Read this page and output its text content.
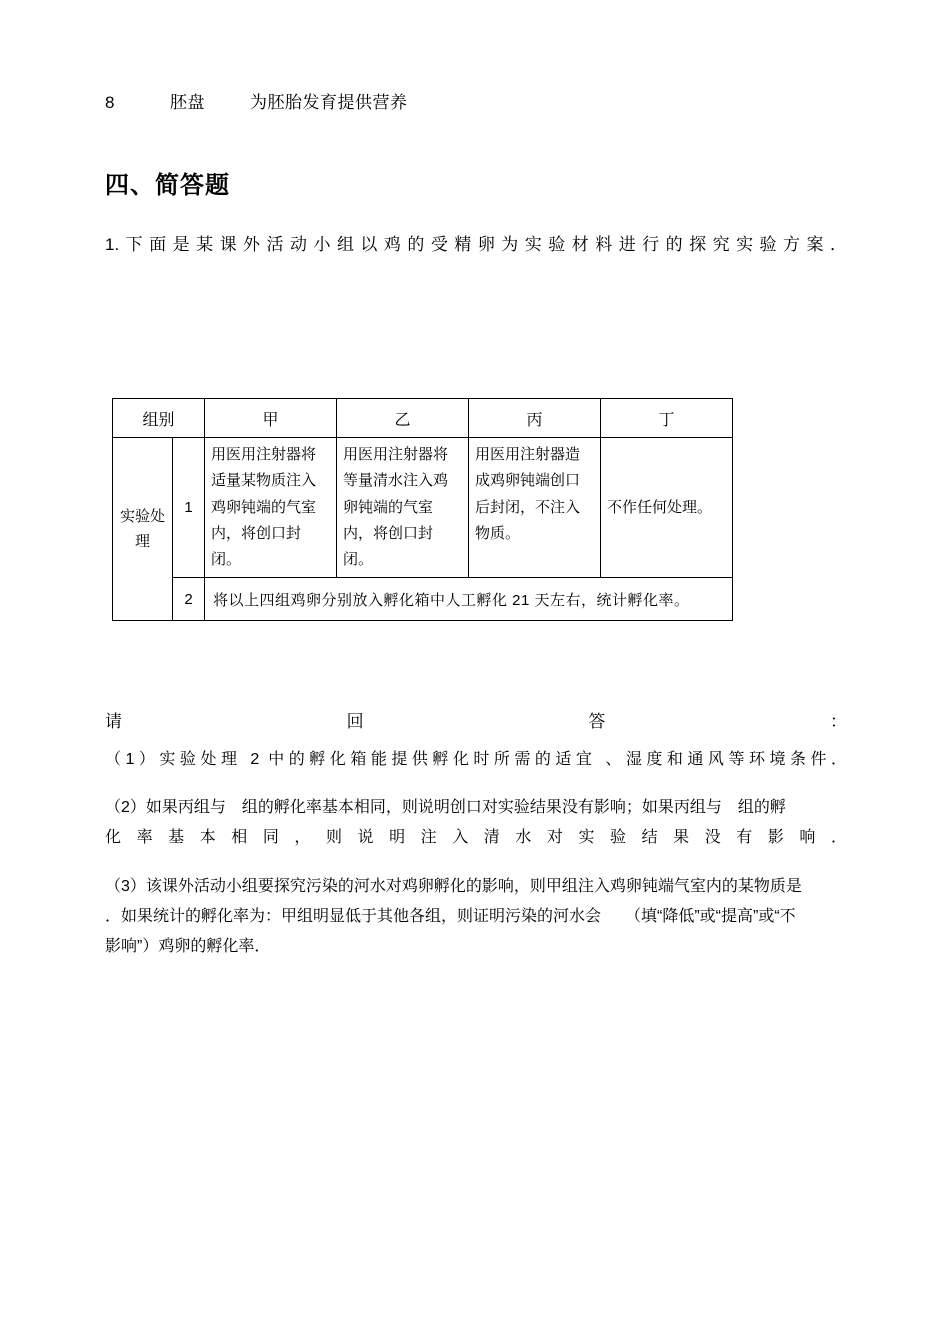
8	胚盘	为胚胎发育提供营养
四、简答题
1.下面是某课外活动小组以鸡的受精卵为实验材料进行的探究实验方案．
组别		甲	乙	丙	丁
实验处理	1	用医用注射器将适量某物质注入鸡卵钝端的气室内，将创口封闭。	用医用注射器将等量清水注入鸡卵钝端的气室内，将创口封闭。	用医用注射器造成鸡卵钝端创口后封闭，不注入物质。	不作任何处理。
	2	将以上四组鸡卵分别放入孵化箱中人工孵化 21 天左右，统计孵化率。			
请	回	答	：
（1）实验处理 2 中的孵化箱能提供孵化时所需的适宜 、湿度和通风等环境条件．
（2）如果丙组与　组的孵化率基本相同，则说明创口对实验结果没有影响；如果丙组与　组的孵
化率基本相同，则说明注入清水对实验结果没有影响．
（3）该课外活动小组要探究污染的河水对鸡卵孵化的影响，则甲组注入鸡卵钝端气室内的某物质是
．如果统计的孵化率为：甲组明显低于其他各组，则证明污染的河水会　　（填“降低”或“提高”或“不
影响”）鸡卵的孵化率．
